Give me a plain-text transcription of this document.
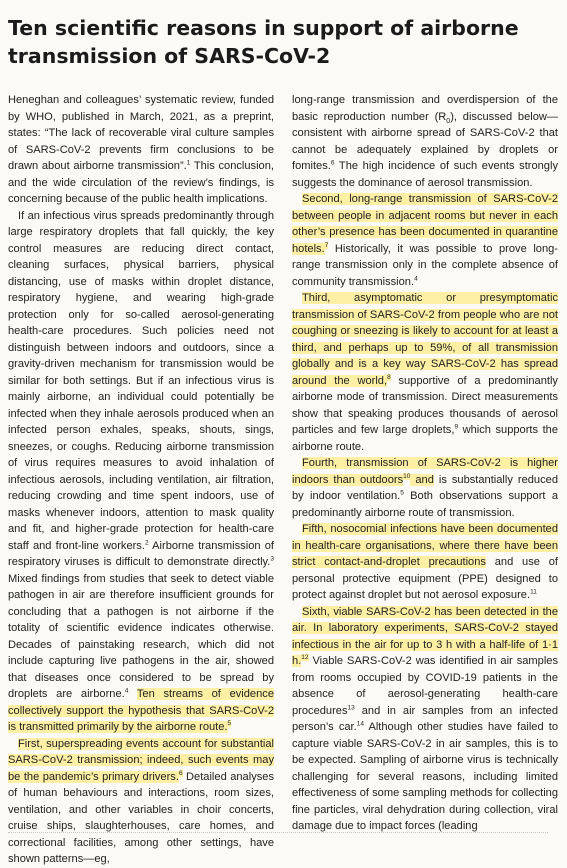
Ten scientific reasons in support of airborne transmission of SARS-CoV-2

Heneghan and colleagues’ systematic review, funded by WHO, published in March, 2021, as a preprint, states: “The lack of recoverable viral culture samples of SARS-CoV-2 prevents firm conclusions to be drawn about airborne transmission”.$^1$ This conclusion, and the wide circulation of the review’s findings, is concerning because of the public health implications.

If an infectious virus spreads predominantly through large respiratory droplets that fall quickly, the key control measures are reducing direct contact, cleaning surfaces, physical barriers, physical distancing, use of masks within droplet distance, respiratory hygiene, and wearing high-grade protection only for so-called aerosol-generating health-care procedures. Such policies need not distinguish between indoors and outdoors, since a gravity-driven mechanism for transmission would be similar for both settings. But if an infectious virus is mainly airborne, an individual could potentially be infected when they inhale aerosols produced when an infected person exhales, speaks, shouts, sings, sneezes, or coughs. Reducing airborne transmission of virus requires measures to avoid inhalation of infectious aerosols, including ventilation, air filtration, reducing crowding and time spent indoors, use of masks whenever indoors, attention to mask quality and fit, and higher-grade protection for health-care staff and front-line workers.$^2$ Airborne transmission of respiratory viruses is difficult to demonstrate directly.$^3$ Mixed findings from studies that seek to detect viable pathogen in air are therefore insufficient grounds for concluding that a pathogen is not airborne if the totality of scientific evidence indicates otherwise. Decades of painstaking research, which did not include capturing live pathogens in the air, showed that diseases once considered to be spread by droplets are airborne.$^4$ Ten streams of evidence collectively support the hypothesis that SARS-CoV-2 is transmitted primarily by the airborne route.$^5$

First, superspreading events account for substantial SARS-CoV-2 transmission; indeed, such events may be the pandemic’s primary drivers.$^6$ Detailed analyses of human behaviours and interactions, room sizes, ventilation, and other variables in choir concerts, cruise ships, slaughterhouses, care homes, and correctional facilities, among other settings, have shown patterns—eg,

long-range transmission and overdispersion of the basic reproduction number $(R_0)$, discussed below—consistent with airborne spread of SARS-CoV-2 that cannot be adequately explained by droplets or fomites.$^6$ The high incidence of such events strongly suggests the dominance of aerosol transmission.

Second, long-range transmission of SARS-CoV-2 between people in adjacent rooms but never in each other’s presence has been documented in quarantine hotels.$^7$ Historically, it was possible to prove long-range transmission only in the complete absence of community transmission.$^4$

Third, asymptomatic or presymptomatic transmission of SARS-CoV-2 from people who are not coughing or sneezing is likely to account for at least a third, and perhaps up to 59%, of all transmission globally and is a key way SARS-CoV-2 has spread around the world,$^8$ supportive of a predominantly airborne mode of transmission. Direct measurements show that speaking produces thousands of aerosol particles and few large droplets,$^9$ which supports the airborne route.

Fourth, transmission of SARS-CoV-2 is higher indoors than outdoors$^{10}$ and is substantially reduced by indoor ventilation.$^5$ Both observations support a predominantly airborne route of transmission.

Fifth, nosocomial infections have been documented in health-care organisations, where there have been strict contact-and-droplet precautions and use of personal protective equipment (PPE) designed to protect against droplet but not aerosol exposure.$^{11}$

Sixth, viable SARS-CoV-2 has been detected in the air. In laboratory experiments, SARS-CoV-2 stayed infectious in the air for up to 3 h with a half-life of 1·1 h.$^{12}$ Viable SARS-CoV-2 was identified in air samples from rooms occupied by COVID-19 patients in the absence of aerosol-generating health-care procedures$^{13}$ and in air samples from an infected person’s car.$^{14}$ Although other studies have failed to capture viable SARS-CoV-2 in air samples, this is to be expected. Sampling of airborne virus is technically challenging for several reasons, including limited effectiveness of some sampling methods for collecting fine particles, viral dehydration during collection, viral damage due to impact forces (leading
